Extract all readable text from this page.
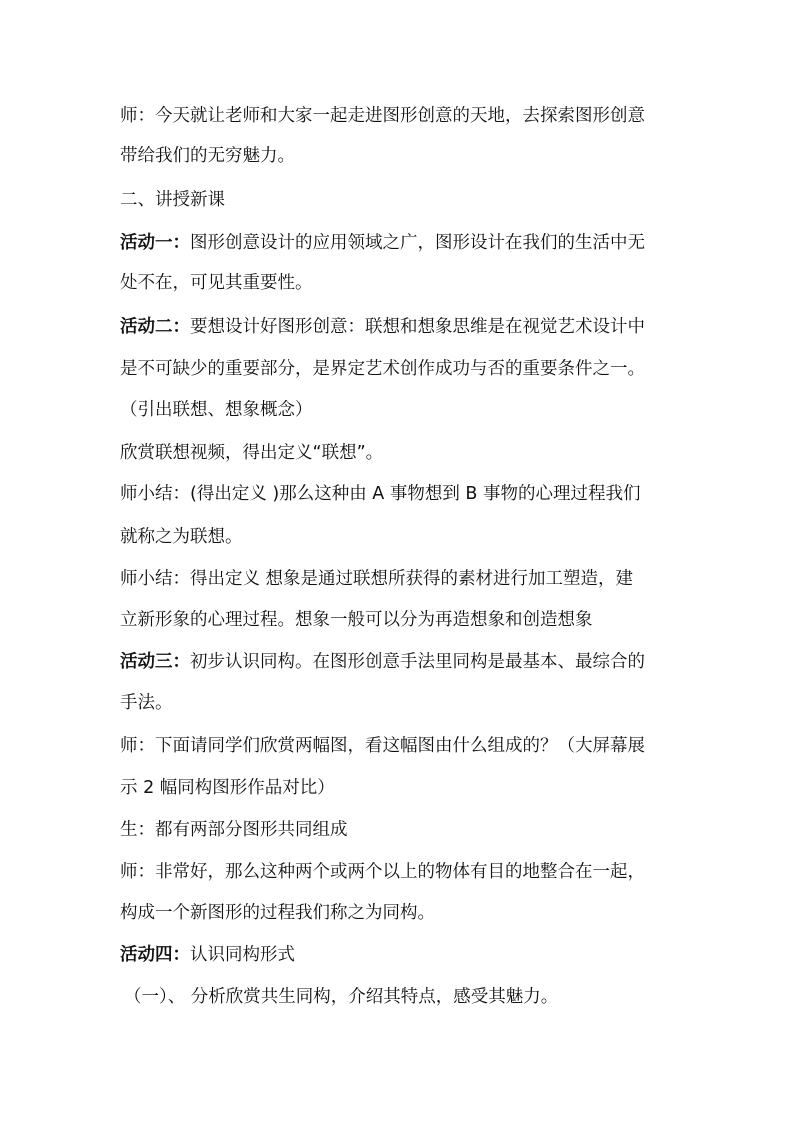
师：今天就让老师和大家一起走进图形创意的天地，去探索图形创意

带给我们的无穷魅力。

二、讲授新课

活动一：图形创意设计的应用领域之广，图形设计在我们的生活中无

处不在，可见其重要性。

活动二：要想设计好图形创意：联想和想象思维是在视觉艺术设计中

是不可缺少的重要部分，是界定艺术创作成功与否的重要条件之一。

（引出联想、想象概念）

欣赏联想视频，得出定义“联想”。

师小结：(得出定义 )那么这种由 A 事物想到 B 事物的心理过程我们

就称之为联想。

师小结：得出定义 想象是通过联想所获得的素材进行加工塑造，建

立新形象的心理过程。想象一般可以分为再造想象和创造想象

活动三：初步认识同构。在图形创意手法里同构是最基本、最综合的

手法。

师：下面请同学们欣赏两幅图，看这幅图由什么组成的？（大屏幕展

示 2 幅同构图形作品对比）

生：都有两部分图形共同组成

师：非常好，那么这种两个或两个以上的物体有目的地整合在一起，

构成一个新图形的过程我们称之为同构。

活动四：认识同构形式

（一）、 分析欣赏共生同构，介绍其特点，感受其魅力。
